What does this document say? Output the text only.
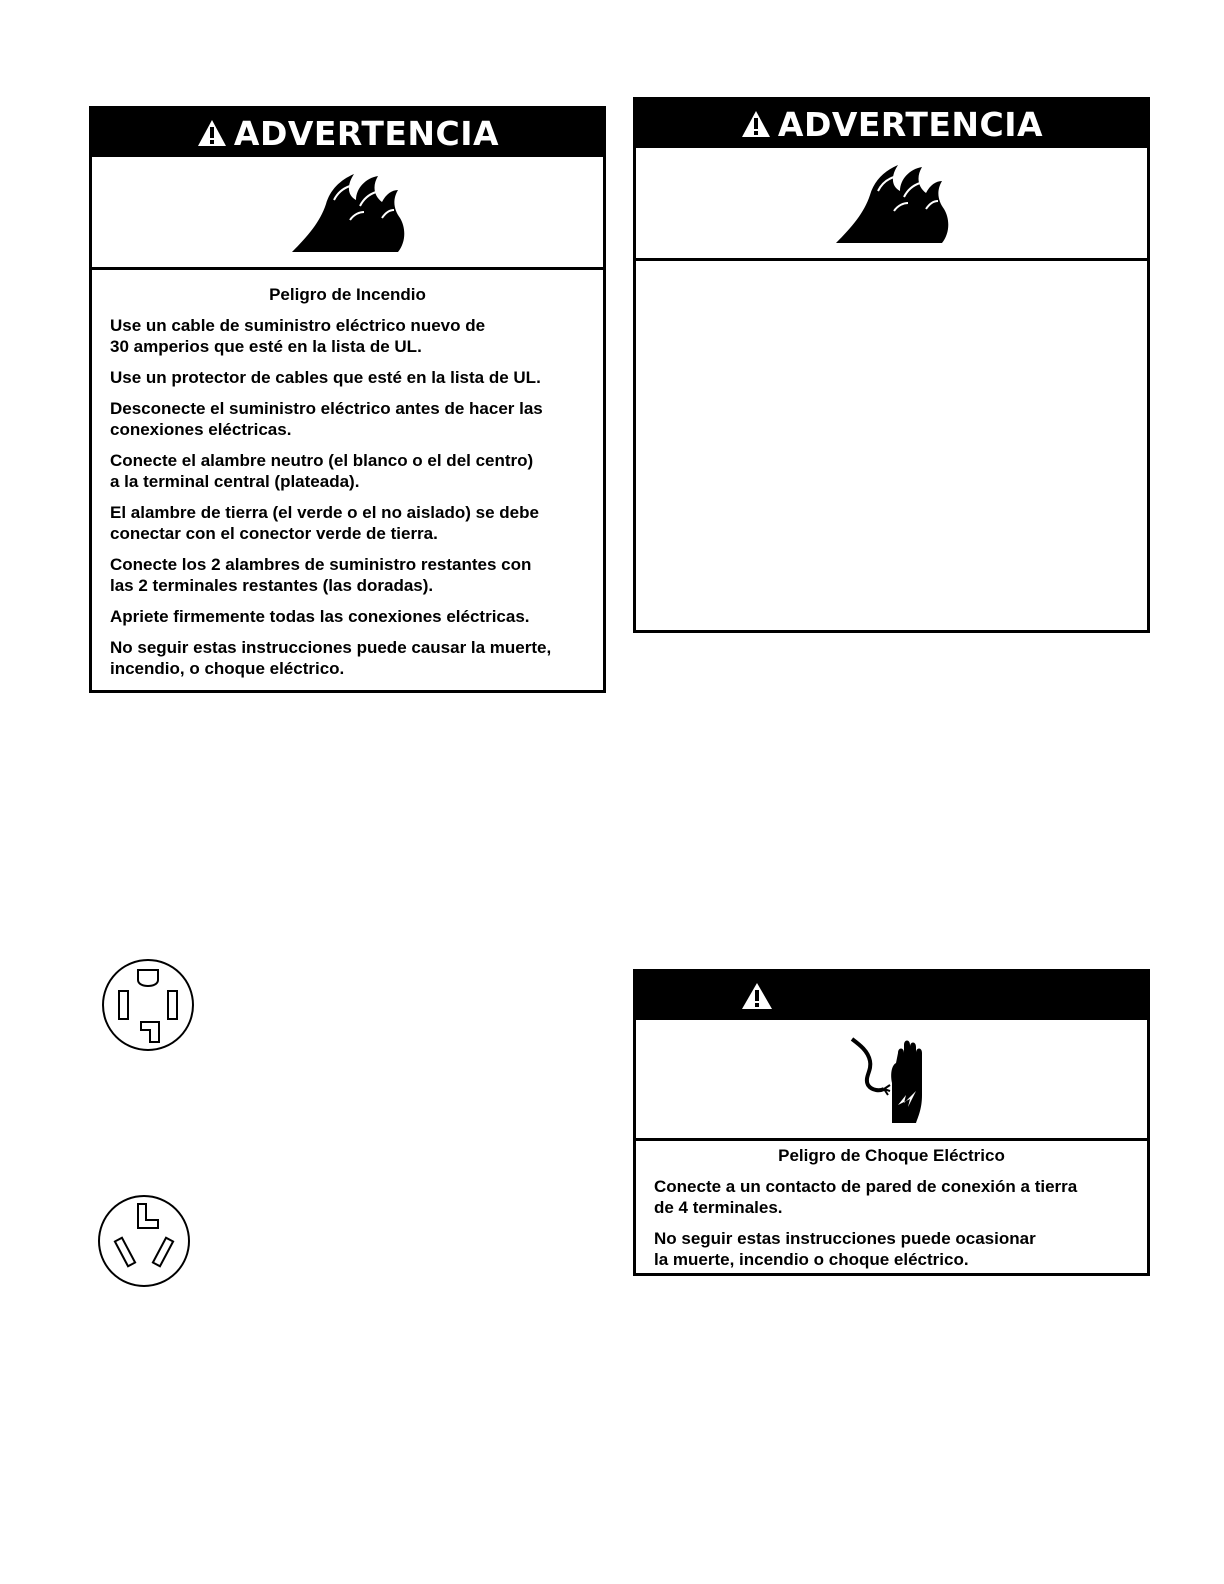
ADVERTENCIA
Peligro de Incendio

Use un cable de suministro eléctrico nuevo de
30 amperios que esté en la lista de UL.

Use un protector de cables que esté en la lista de UL.

Desconecte el suministro eléctrico antes de hacer las
conexiones eléctricas.

Conecte el alambre neutro (el blanco o el del centro)
a la terminal central (plateada).

El alambre de tierra (el verde o el no aislado) se debe
conectar con el conector verde de tierra.

Conecte los 2 alambres de suministro restantes con
las 2 terminales restantes (las doradas).

Apriete firmemente todas las conexiones eléctricas.

No seguir estas instrucciones puede causar la muerte,
incendio, o choque eléctrico.

ADVERTENCIA
Peligro de Choque Eléctrico

Conecte a un contacto de pared de conexión a tierra
de 4 terminales.

No seguir estas instrucciones puede ocasionar
la muerte, incendio o choque eléctrico.
